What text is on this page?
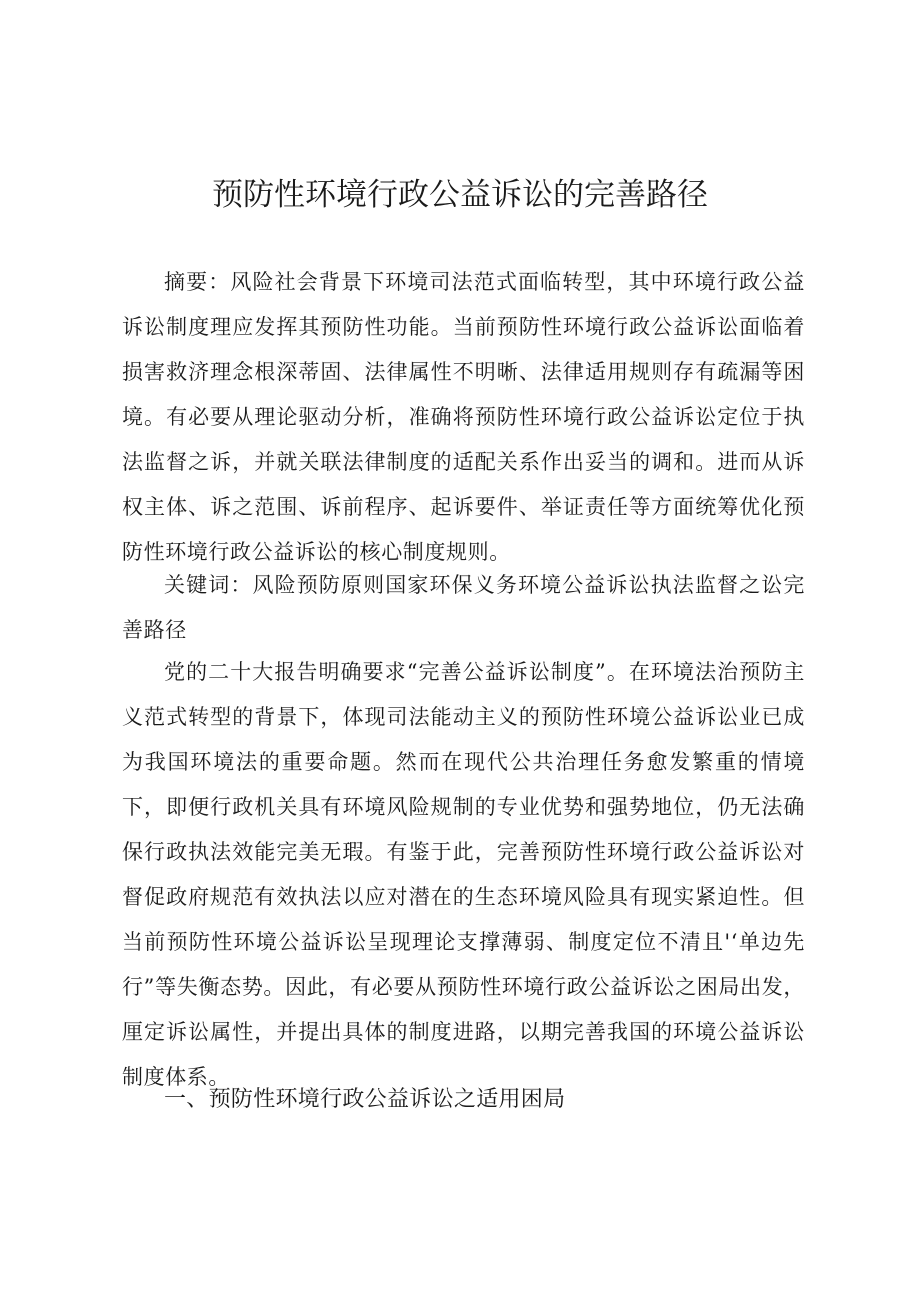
预防性环境行政公益诉讼的完善路径

摘要：风险社会背景下环境司法范式面临转型，其中环境行政公益诉讼制度理应发挥其预防性功能。当前预防性环境行政公益诉讼面临着损害救济理念根深蒂固、法律属性不明晰、法律适用规则存有疏漏等困境。有必要从理论驱动分析，准确将预防性环境行政公益诉讼定位于执法监督之诉，并就关联法律制度的适配关系作出妥当的调和。进而从诉权主体、诉之范围、诉前程序、起诉要件、举证责任等方面统筹优化预防性环境行政公益诉讼的核心制度规则。

关键词：风险预防原则国家环保义务环境公益诉讼执法监督之讼完善路径

党的二十大报告明确要求“完善公益诉讼制度”。在环境法治预防主义范式转型的背景下，体现司法能动主义的预防性环境公益诉讼业已成为我国环境法的重要命题。然而在现代公共治理任务愈发繁重的情境下，即便行政机关具有环境风险规制的专业优势和强势地位，仍无法确保行政执法效能完美无瑕。有鉴于此，完善预防性环境行政公益诉讼对督促政府规范有效执法以应对潜在的生态环境风险具有现实紧迫性。但当前预防性环境公益诉讼呈现理论支撑薄弱、制度定位不清且'‘单边先行”等失衡态势。因此，有必要从预防性环境行政公益诉讼之困局出发，厘定诉讼属性，并提出具体的制度进路，以期完善我国的环境公益诉讼制度体系。

一、预防性环境行政公益诉讼之适用困局
